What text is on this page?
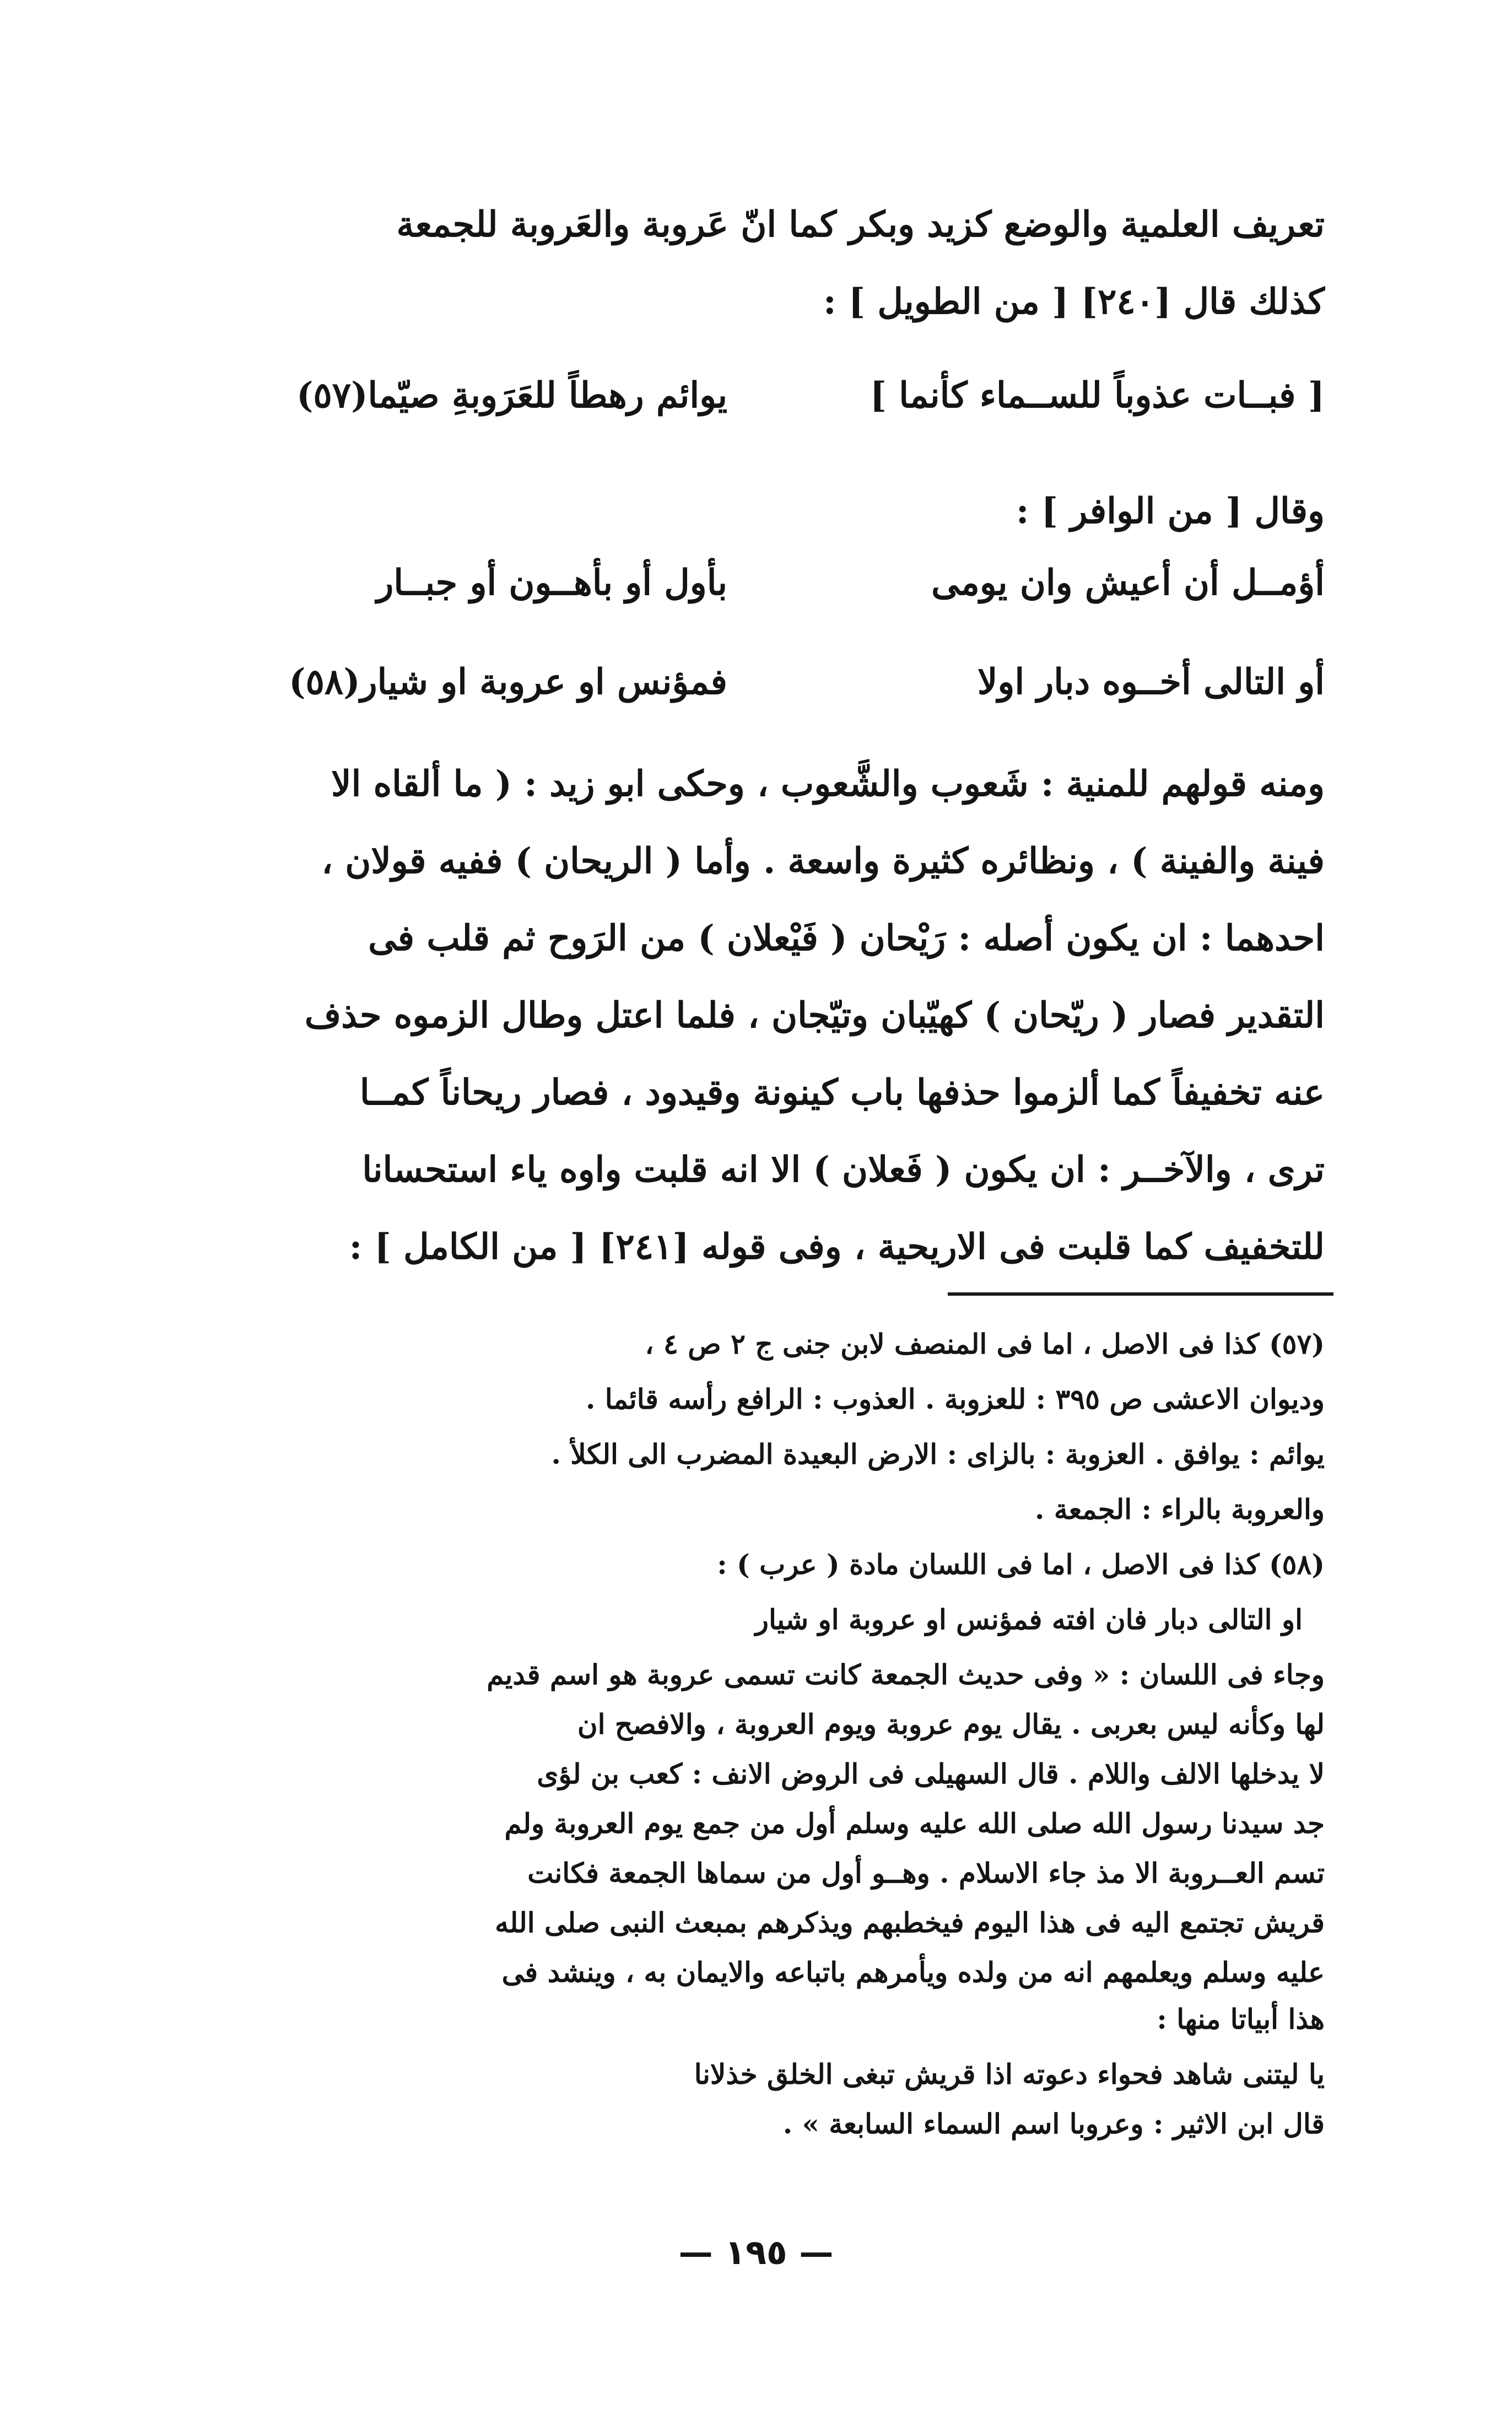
تعريف العلمية والوضع كزيد وبكر كما انّ عَروبة والعَروبة للجمعة
كذلك قال [٢٤٠] [ من الطويل ] :
[ فبــات عذوباً للســماء كأنما ]
يوائم رهطاً للعَرَوبةِ صيّما(٥٧)
وقال [ من الوافر ] :
أؤمــل أن أعيش وان يومى
بأول أو بأهــون أو جبــار
أو التالى أخــوه دبار اولا
فمؤنس او عروبة او شيار(٥٨)
ومنه قولهم للمنية : شَعوب والشَّعوب ، وحكى ابو زيد : ( ما ألقاه الا
فينة والفينة ) ، ونظائره كثيرة واسعة . وأما ( الريحان ) ففيه قولان ،
احدهما : ان يكون أصله : رَيْحان ( فَيْعلان ) من الرَوح ثم قلب فى
التقدير فصار ( ريّحان ) كهيّبان وتيّجان ، فلما اعتل وطال الزموه حذف
عنه تخفيفاً كما ألزموا حذفها باب كينونة وقيدود ، فصار ريحاناً كمــا
ترى ، والآخــر : ان يكون ( فَعلان ) الا انه قلبت واوه ياء استحسانا
للتخفيف كما قلبت فى الاريحية ، وفى قوله [٢٤١] [ من الكامل ] :
(٥٧) كذا فى الاصل ، اما فى المنصف لابن جنى ج ٢ ص ٤ ،
وديوان الاعشى ص ٣٩٥ : للعزوبة . العذوب : الرافع رأسه قائما .
يوائم : يوافق . العزوبة : بالزاى : الارض البعيدة المضرب الى الكلأ .
والعروبة بالراء : الجمعة .
(٥٨) كذا فى الاصل ، اما فى اللسان مادة ( عرب ) :
او التالى دبار فان افته فمؤنس او عروبة او شيار
وجاء فى اللسان : « وفى حديث الجمعة كانت تسمى عروبة هو اسم قديم
لها وكأنه ليس بعربى . يقال يوم عروبة ويوم العروبة ، والافصح ان
لا يدخلها الالف واللام . قال السهيلى فى الروض الانف : كعب بن لؤى
جد سيدنا رسول الله صلى الله عليه وسلم أول من جمع يوم العروبة ولم
تسم العــروبة الا مذ جاء الاسلام . وهــو أول من سماها الجمعة فكانت
قريش تجتمع اليه فى هذا اليوم فيخطبهم ويذكرهم بمبعث النبى صلى الله
عليه وسلم ويعلمهم انه من ولده ويأمرهم باتباعه والايمان به ، وينشد فى
هذا أبياتا منها :
يا ليتنى شاهد فحواء دعوته اذا قريش تبغى الخلق خذلانا
قال ابن الاثير : وعروبا اسم السماء السابعة » .
— ١٩٥ —
